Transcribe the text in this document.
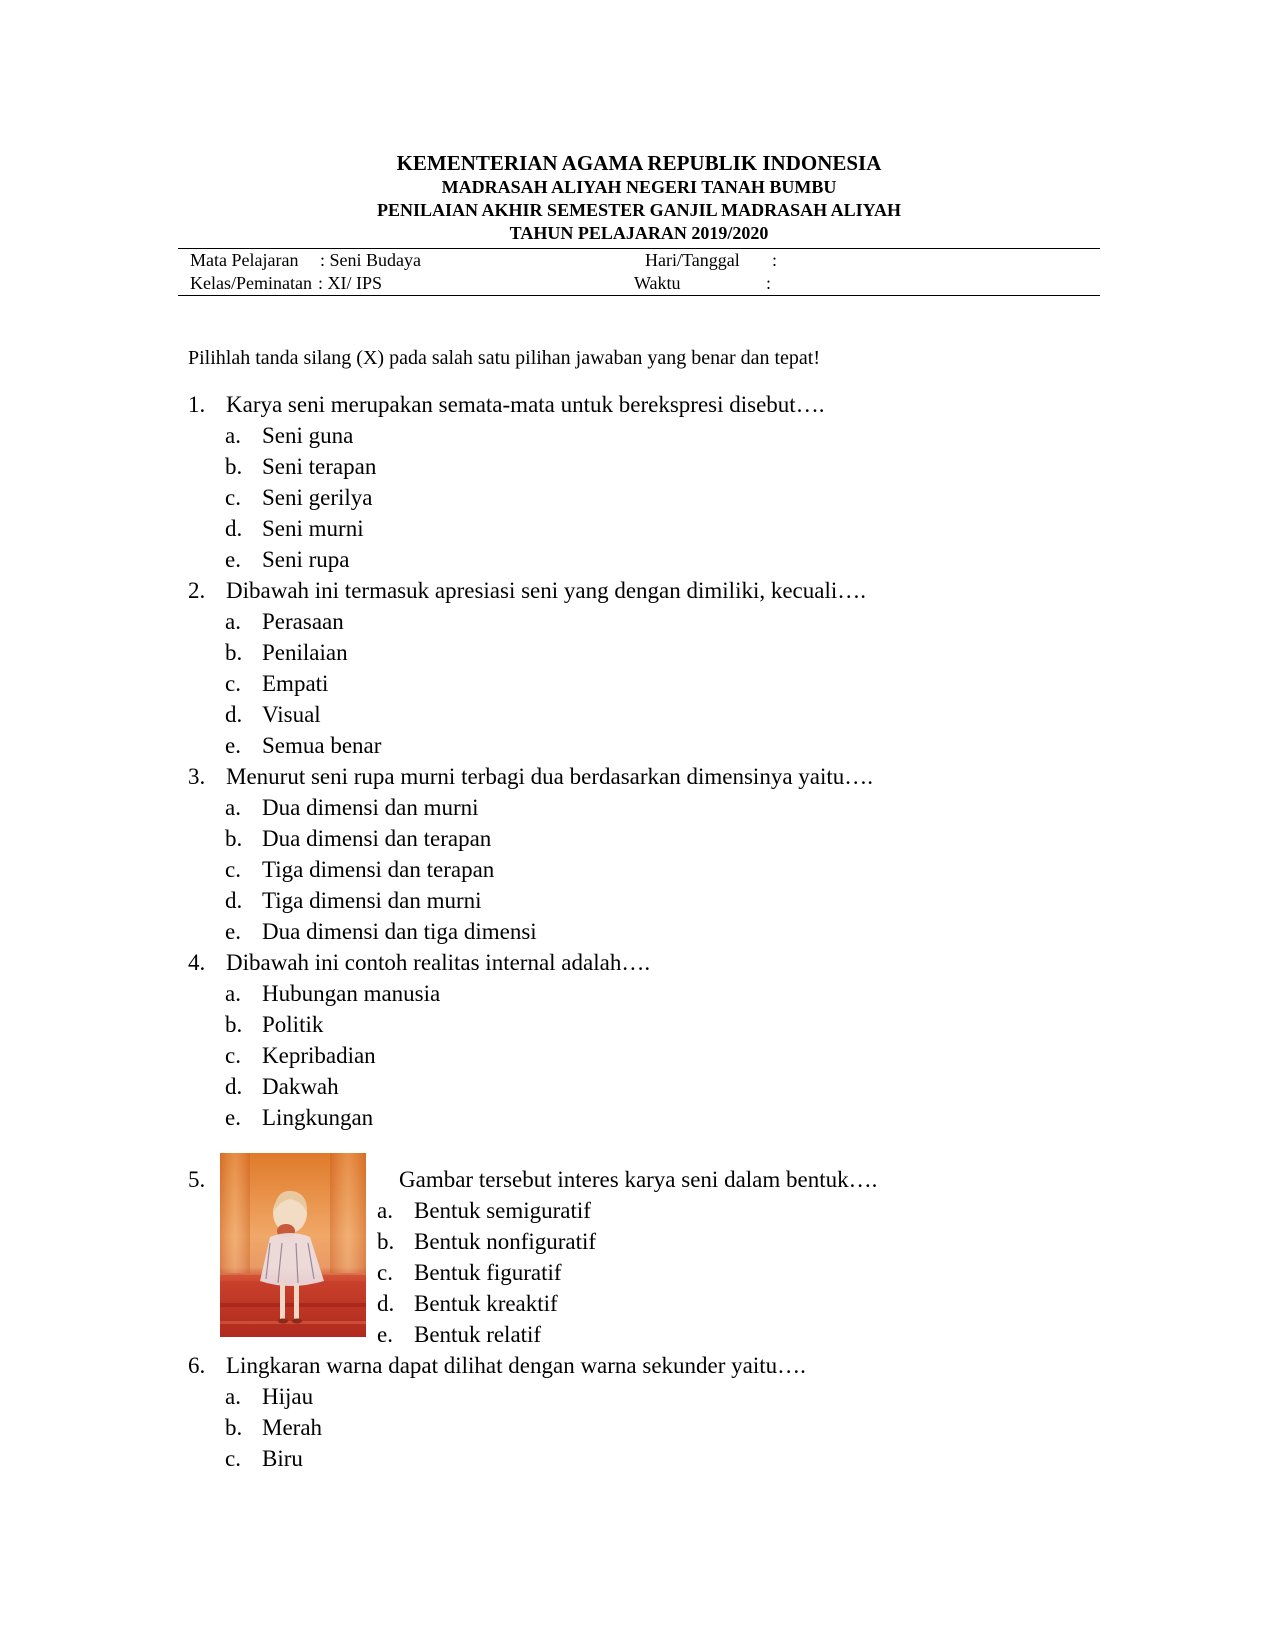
KEMENTERIAN AGAMA REPUBLIK INDONESIA
MADRASAH ALIYAH NEGERI TANAH BUMBU
PENILAIAN AKHIR SEMESTER GANJIL MADRASAH ALIYAH
TAHUN PELAJARAN 2019/2020
Mata Pelajaran : Seni Budaya	Hari/Tanggal :
Kelas/Peminatan : XI/ IPS	Waktu	:
Pilihlah tanda silang (X) pada salah satu pilihan jawaban yang benar dan tepat!
1. Karya seni merupakan semata-mata untuk berekspresi disebut….
a. Seni guna
b. Seni terapan
c. Seni gerilya
d. Seni murni
e. Seni rupa
2. Dibawah ini termasuk apresiasi seni yang dengan dimiliki, kecuali….
a. Perasaan
b. Penilaian
c. Empati
d. Visual
e. Semua benar
3. Menurut seni rupa murni terbagi dua berdasarkan dimensinya yaitu….
a. Dua dimensi dan murni
b. Dua dimensi dan terapan
c. Tiga dimensi dan terapan
d. Tiga dimensi dan murni
e. Dua dimensi dan tiga dimensi
4. Dibawah ini contoh realitas internal adalah….
a. Hubungan manusia
b. Politik
c. Kepribadian
d. Dakwah
e. Lingkungan
5.	Gambar tersebut interes karya seni dalam bentuk….
a. Bentuk semiguratif
b. Bentuk nonfiguratif
c. Bentuk figuratif
d. Bentuk kreaktif
e. Bentuk relatif
6. Lingkaran warna dapat dilihat dengan warna sekunder yaitu….
a. Hijau
b. Merah
c. Biru
